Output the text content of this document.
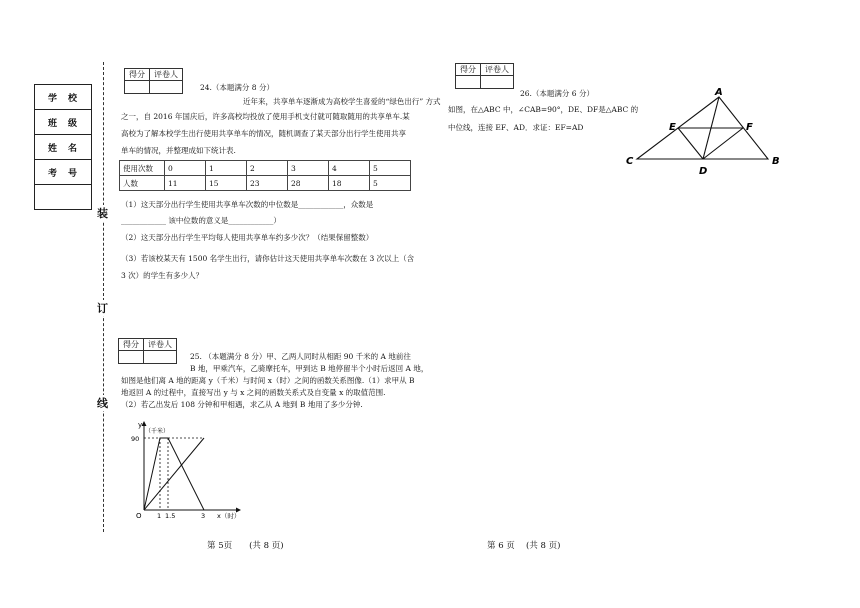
学　校
班　级
姓　名
考　号

装
订
线
得分	评卷人

24.（本题满分 8 分）

近年来，共享单车逐渐成为高校学生喜爱的“绿色出行” 方式

之一，自 2016 年国庆后，许多高校均投放了使用手机支付就可随取随用的共享单车.某

高校为了解本校学生出行使用共享单车的情况，随机调查了某天部分出行学生使用共享

单车的情况，并整理成如下统计表.

使用次数	0	1	2	3	4	5
人数	11	15	23	28	18	5

（1）这天部分出行学生使用共享单车次数的中位数是____________，众数是

____________ 该中位数的意义是____________）

（2）这天部分出行学生平均每人使用共享单车约多少次？（结果保留整数）

（3）若该校某天有 1500 名学生出行，请你估计这天使用共享单车次数在 3 次以上（含

3 次）的学生有多少人？

得分	评卷人

25. （本题满分 8 分）甲、乙两人同时从相距 90 千米的 A 地前往

B 地，甲乘汽车，乙骑摩托车，甲到达 B 地停留半个小时后返回 A 地，

如图是他们离 A 地的距离 y（千米）与时间 x（时）之间的函数关系图像.（1）求甲从 B

地返回 A 的过程中，直接写出 y 与 x 之间的函数关系式及自变量 x 的取值范围.

（2）若乙出发后 108 分钟和甲相遇，求乙从 A 地到 B 地用了多少分钟.

y
（千米）
90
O 1 1.5	3 x（时）
得分	评卷人

26.（本题满分 6 分）

如图，在△ABC 中，∠CAB=90°，DE、DF是△ABC 的

中位线，连接 EF、AD．求证：EF=AD

A
C	B
D
E	F
第 5页　　(共 8 页)	第 6 页　 (共 8 页)
